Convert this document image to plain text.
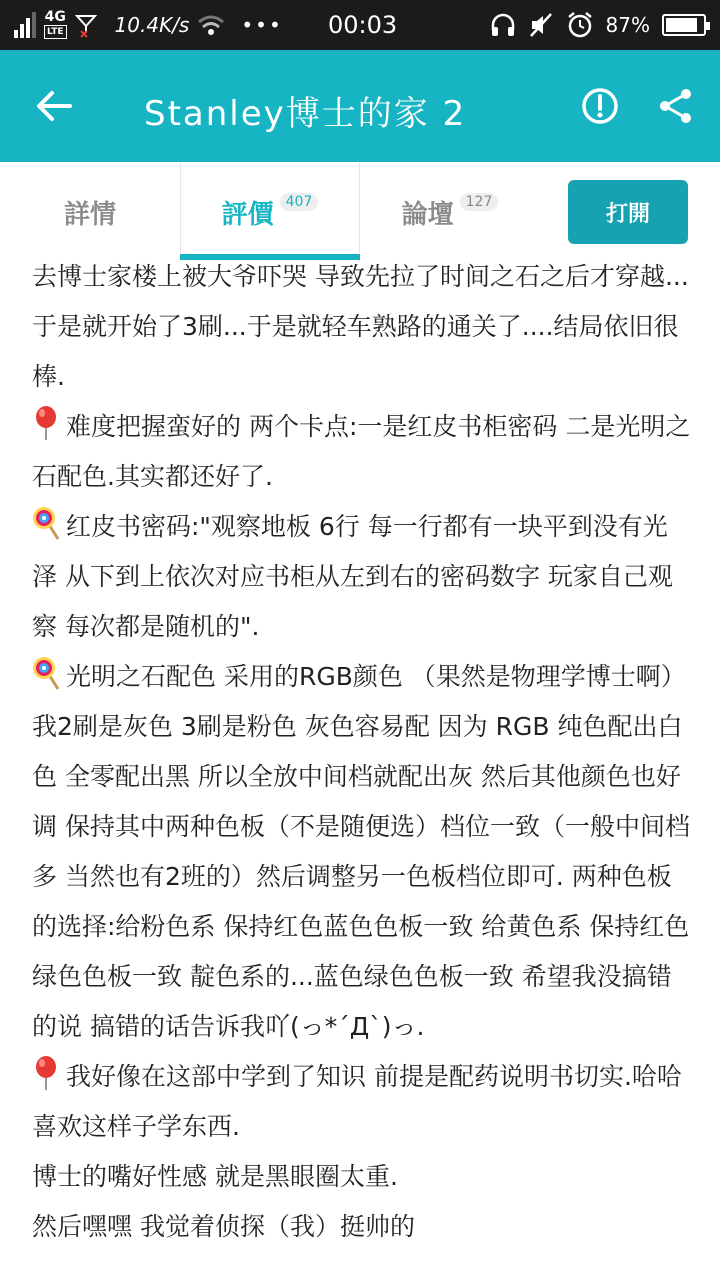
4G
LTE	10.4K/s	••• 00:03	87%
Stanley博士的家 2
詳情	評價 407	論壇 127	打開

去博士家楼上被大爷吓哭 导致先拉了时间之石之后才穿越...于是就开始了3刷...于是就轻车熟路的通关了....结局依旧很棒.

难度把握蛮好的 两个卡点:一是红皮书柜密码 二是光明之石配色.其实都还好了.

红皮书密码:"观察地板 6行 每一行都有一块平到没有光泽 从下到上依次对应书柜从左到右的密码数字 玩家自己观察 每次都是随机的".

光明之石配色 采用的RGB颜色 （果然是物理学博士啊）我2刷是灰色 3刷是粉色 灰色容易配 因为 RGB 纯色配出白色 全零配出黑 所以全放中间档就配出灰 然后其他颜色也好调 保持其中两种色板（不是随便选）档位一致（一般中间档多 当然也有2班的）然后调整另一色板档位即可. 两种色板的选择:给粉色系 保持红色蓝色色板一致 给黄色系 保持红色绿色色板一致 靛色系的...蓝色绿色色板一致 希望我没搞错的说 搞错的话告诉我吖(っ*´Д`)っ.

我好像在这部中学到了知识 前提是配药说明书切实.哈哈 喜欢这样子学东西.

博士的嘴好性感 就是黑眼圈太重.

然后嘿嘿 我觉着侦探（我）挺帅的
